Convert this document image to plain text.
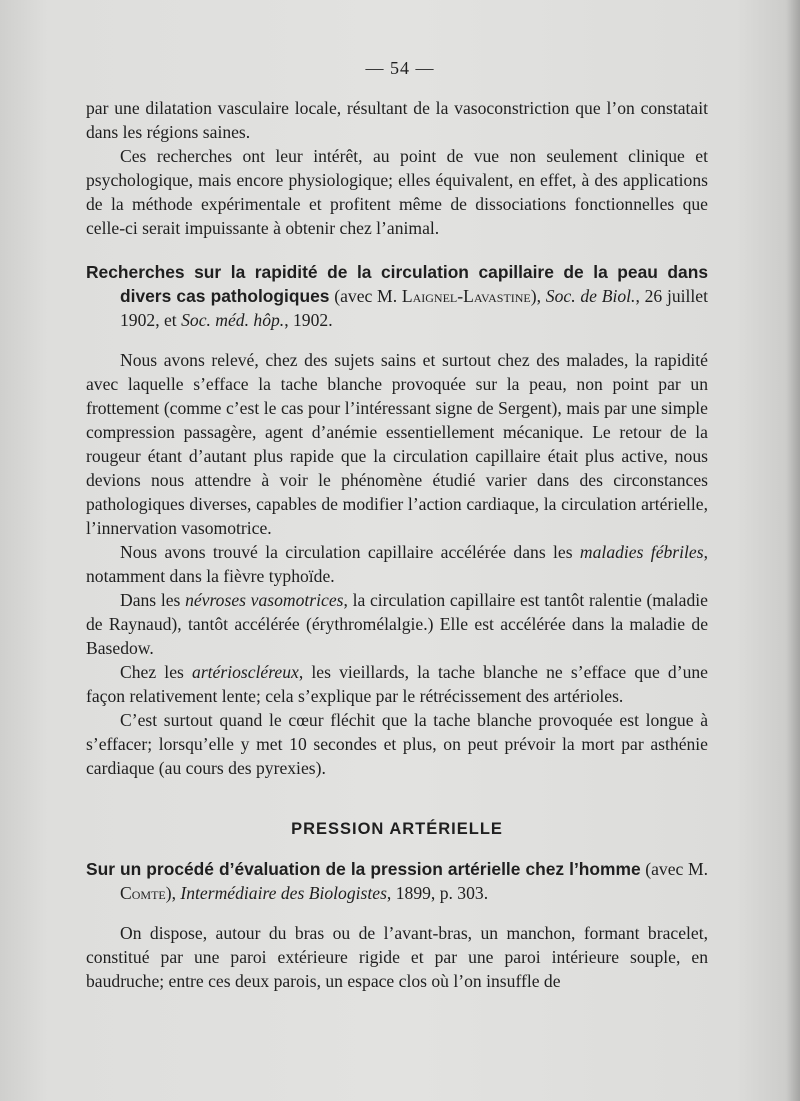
— 54 —

par une dilatation vasculaire locale, résultant de la vasoconstriction que l’on constatait dans les régions saines.

Ces recherches ont leur intérêt, au point de vue non seulement clinique et psychologique, mais encore physiologique; elles équivalent, en effet, à des applications de la méthode expérimentale et profitent même de dissociations fonctionnelles que celle-ci serait impuissante à obtenir chez l’animal.

Recherches sur la rapidité de la circulation capillaire de la peau dans divers cas pathologiques (avec M. Laignel-Lavastine), Soc. de Biol., 26 juillet 1902, et Soc. méd. hôp., 1902.

Nous avons relevé, chez des sujets sains et surtout chez des malades, la rapidité avec laquelle s’efface la tache blanche provoquée sur la peau, non point par un frottement (comme c’est le cas pour l’intéressant signe de Sergent), mais par une simple compression passagère, agent d’anémie essentiellement mécanique. Le retour de la rougeur étant d’autant plus rapide que la circulation capillaire était plus active, nous devions nous attendre à voir le phénomène étudié varier dans des circonstances pathologiques diverses, capables de modifier l’action cardiaque, la circulation artérielle, l’innervation vasomotrice.

Nous avons trouvé la circulation capillaire accélérée dans les maladies fébriles, notamment dans la fièvre typhoïde.

Dans les névroses vasomotrices, la circulation capillaire est tantôt ralentie (maladie de Raynaud), tantôt accélérée (érythromélalgie.) Elle est accélérée dans la maladie de Basedow.

Chez les artérioscléreux, les vieillards, la tache blanche ne s’efface que d’une façon relativement lente; cela s’explique par le rétrécissement des artérioles.

C’est surtout quand le cœur fléchit que la tache blanche provoquée est longue à s’effacer; lorsqu’elle y met 10 secondes et plus, on peut prévoir la mort par asthénie cardiaque (au cours des pyrexies).

PRESSION ARTÉRIELLE

Sur un procédé d’évaluation de la pression artérielle chez l’homme (avec M. Comte), Intermédiaire des Biologistes, 1899, p. 303.

On dispose, autour du bras ou de l’avant-bras, un manchon, formant bracelet, constitué par une paroi extérieure rigide et par une paroi intérieure souple, en baudruche; entre ces deux parois, un espace clos où l’on insuffle de
